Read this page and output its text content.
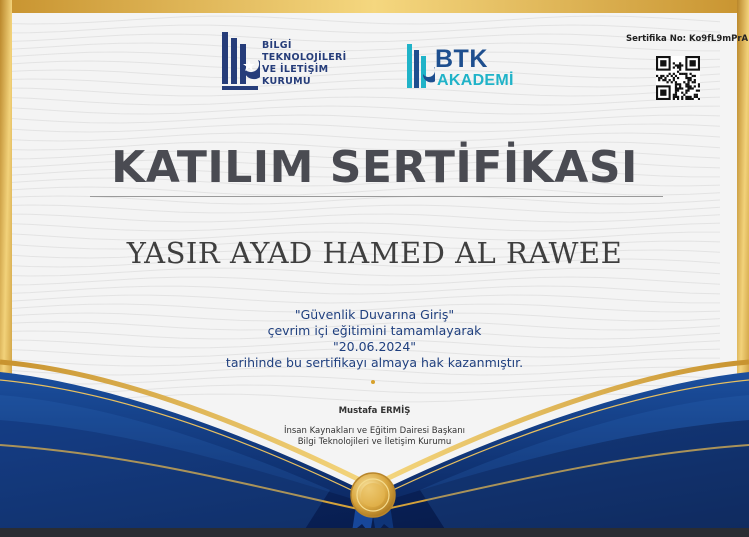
BİLGİ
TEKNOLOJİLERİ
VE İLETİŞİM
KURUMU
BTK
AKADEMİ
Sertifika No: Ko9fL9mPrA
KATILIM SERTİFİKASI
YASIR AYAD HAMED AL RAWEE
"Güvenlik Duvarına Giriş"
çevrim içi eğitimini tamamlayarak
"20.06.2024"
tarihinde bu sertifikayı almaya hak kazanmıştır.
Mustafa ERMİŞ
İnsan Kaynakları ve Eğitim Dairesi Başkanı
Bilgi Teknolojileri ve İletişim Kurumu
